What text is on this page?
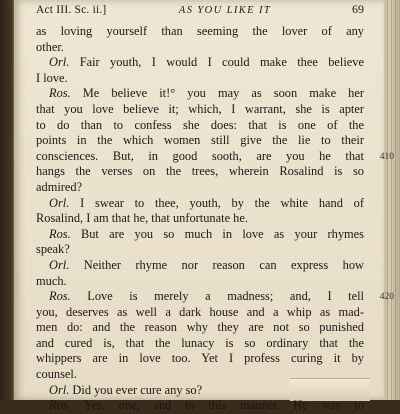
Act III. Sc. ii.]	AS YOU LIKE IT	69
as loving yourself than seeming the lover of any
other.
Orl. Fair youth, I would I could make thee believe
I love.
Ros. Me believe it!° you may as soon make her
that you love believe it; which, I warrant, she is apter
to do than to confess she does: that is one of the
points in the which women still give the lie to their
consciences. But, in good sooth, are you he that 410
hangs the verses on the trees, wherein Rosalind is so
admired?
Orl. I swear to thee, youth, by the white hand of
Rosalind, I am that he, that unfortunate he.
Ros. But are you so much in love as your rhymes
speak?
Orl. Neither rhyme nor reason can express how
much.
Ros. Love is merely a madness; and, I tell 420
you, deserves as well a dark house and a whip as mad-
men do: and the reason why they are not so punished
and cured is, that the lunacy is so ordinary that the
whippers are in love too. Yet I profess curing it by
counsel.
Orl. Did you ever cure any so?
Ros. Yes, one, and in this manner. He was to
